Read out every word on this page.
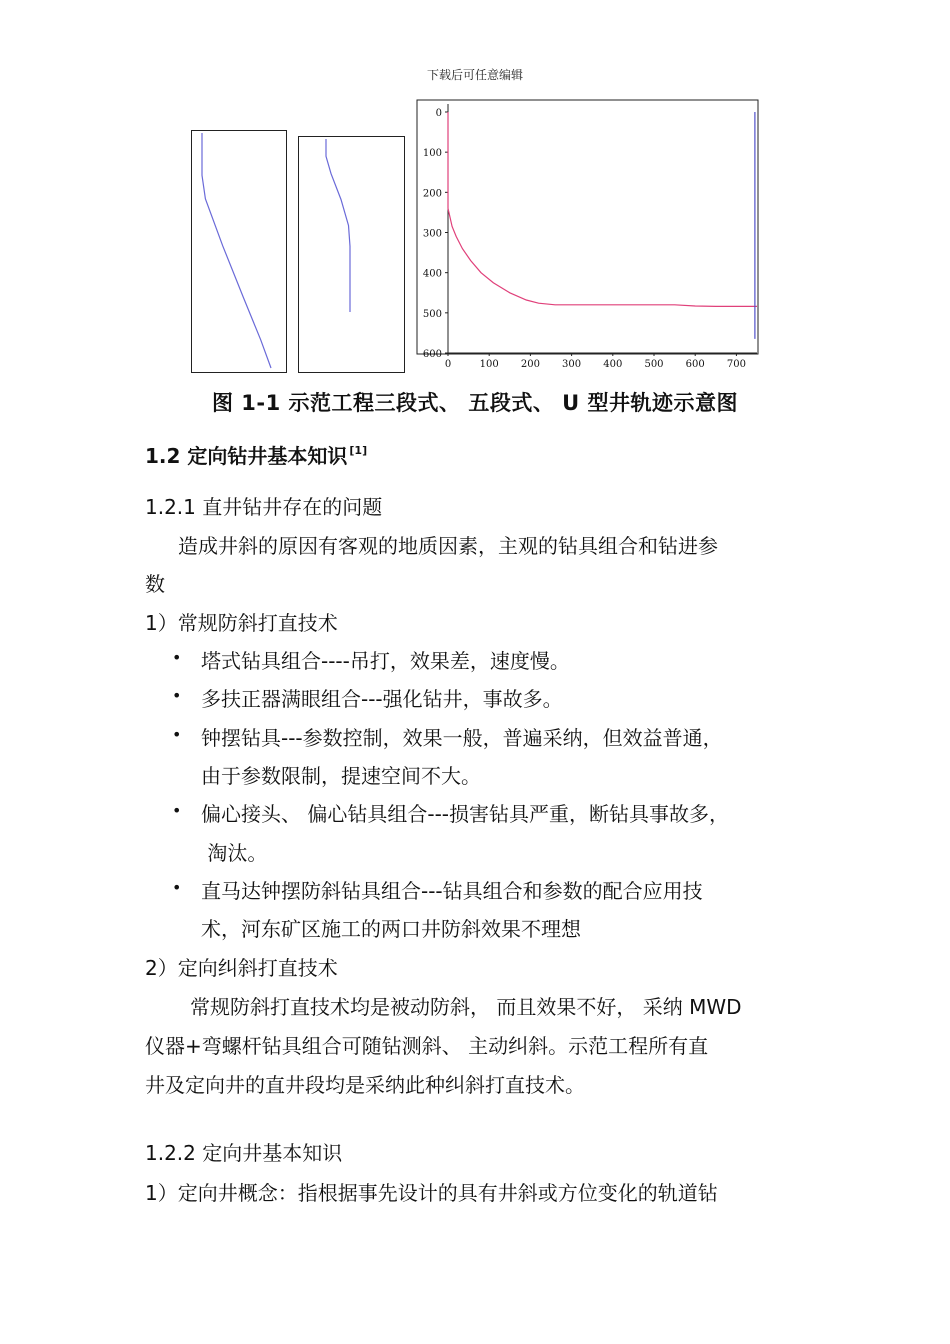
下载后可任意编辑
0
100
200
300
400
500
600
0	100 200 300 400 500 600 700
图 1-1 示范工程三段式、 五段式、 U 型井轨迹示意图
1.2 定向钻井基本知识 [1]
1.2.1 直井钻井存在的问题
造成井斜的原因有客观的地质因素，主观的钻具组合和钻进参
数
1）常规防斜打直技术
• 塔式钻具组合----吊打，效果差，速度慢。
• 多扶正器满眼组合---强化钻井，事故多。
• 钟摆钻具---参数控制，效果一般，普遍采纳，但效益普通，
由于参数限制，提速空间不大。
• 偏心接头、 偏心钻具组合---损害钻具严重，断钻具事故多，
淘汰。
• 直马达钟摆防斜钻具组合---钻具组合和参数的配合应用技
术，河东矿区施工的两口井防斜效果不理想
2）定向纠斜打直技术
常规防斜打直技术均是被动防斜， 而且效果不好， 采纳 MWD
仪器+弯螺杆钻具组合可随钻测斜、 主动纠斜。示范工程所有直
井及定向井的直井段均是采纳此种纠斜打直技术。
1.2.2 定向井基本知识
1）定向井概念：指根据事先设计的具有井斜或方位变化的轨道钻
